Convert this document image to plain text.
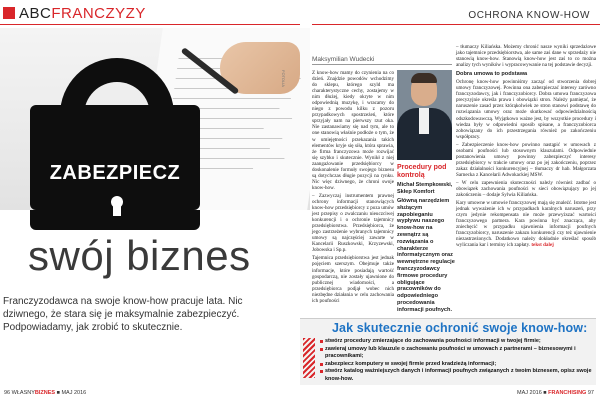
ABC FRANCZYZY	OCHRONA KNOW-HOW
ZABEZPIECZ
FOTOLIA
swój biznes
Franczyzodawca na swoje know-how pracuje lata. Nic dziwnego, że stara się je maksymalnie zabezpieczyć. Podpowiadamy, jak zrobić to skutecznie.
Maksymilian Wudecki

Z know-how mamy do czynienia na co dzień. Znajdzie powodów wchodzimy do sklepu, którego szyld ma charakterystyczne cechy, zostajemy w nim dłużej, kiedy okryte w nim odpowiednią muzykę, i wracamy do niego z powodu kilku z pozoru przypadkowych spostrzeżeń, które sprzyjały nam na pierwszy rzut oka. Nie zastanawiamy się nad tym, ale to one stanowią właśnie podłoże o tym, że w umiejętności przekazania takich elementów kryje się siła, która sprawia, że firma franczyzowa może rozwijać się szybko i skutecznie. Wynikł z niej zaangażowanie przedsiębiorcy w doskonalenie formuły swojego biznesu są dotychczas długie pozycji na rynku. Nic więc dziwnego, że chroni swoje know-how.

– Zazwyczaj instrumentem prawnej ochrony informacji stanowiących know-how przedsiębiorcy z poza umów jest przepisy o zwalczaniu nieuczciwej konkurencji i o ochronie tajemnicy przedsiębiorstwa. Przedsiębiorca, że jego zastrzeżenie wybranych tajemnicy umowy są najczęściej zawarte w Kancelarii Ruszkowski, Krzyzewski, Jobowska i Sp.p.

Tajemnica przedsiębiorstwa jest jednak pojęciem szerszym. Obejmuje także informacje, które posiadają wartość gospodarczą, nie zostały ujawnione do publicznej wiadomości, a przedsiębiorca podjął wobec nich niezbędne działania w celu zachowania ich poufności

Procedury pod kontrolą
Michał Stempkowski,
Skłep Komfort
Główną narzędziem służącym zapobieganiu wypływu naszego know-how na zewnątrz są rozwiązania o charakterze informatycznym oraz wewnętrzne regulacje franczyzodawcy firmowe procedury obligujące pracowników do odpowiedniego procedowania informacji poufnych.

– tłumaczy Kiliańska. Możemy chronić nasze wyniki sprzedażowe jako tajemnice przedsiębiorstwa, ale same zaś dane w sprzedaży nie stanowią know-how. Stanowią know-how jest zaś to co można analizy tych wyników i wypracowywanie na tej podstawie decyzji.

Dobra umowa to podstawa

Ochronę know-how powinniśmy zacząć od stworzenia dobrej umowy franczyzowej. Powinna ona zabezpieczać interesy zarówno franczyzodawcy, jak i franczyzobiorcy. Dobra umowa franczyzowa precyzyjnie określa prawa i obowiązki stron. Należy pamiętać, że naruszenie zasad przez którąkolwiek ze stron stanowi podstawę do rozwiązania umowy oraz może skutkować odpowiedzialnością odszkodowawczą. Wyjątkowo ważne jest, by wszystkie procedury i wiedza były w odpowiedni sposób spisane, a franczyzobiorca zobowiązany do ich przestrzegania również po zakończeniu współpracy.

– Zabezpieczenie know-how powinno nastąpić w umowach z osobami poufności lub stosownym klauzulami. Odpowiednie postanowienia umowy powinny zabezpieczyć interesy przedsiębiorcy w trakcie umowy oraz po jej zakończeniu, poprzez zakaz działalności konkurencyjnej – tłumaczy dr hab. Małgorzata Sarnecka z Kancelarii Adwokackiej MSW.

– W celu zapewnienia skuteczności należy również zadbać o obowiązek zachowania poufności w sieci obowiązujący po jej zakończeniu – dodaje Sylwia Kiliańska.

Kary umowne w umowie franczyzowej mają się znaleźć. Istotne jest jednak wyważenie ich w przypadkach karalnych naruszeń, przy czym jedynie rekompensata nie może przewyższać wartości franczyzowego partnera. Kara powinna być znacząca, aby zniechęcić w przypadku ujawnienia informacji poufnych franczyzobiorcy, naruszenie zakazu konkurencji czy też ujawnienie niezastrzeżonych. Dodatkowo należy dokładnie określać sposób wyliczania kar i terminy ich zapłaty. tekst dalej

Jak skutecznie ochronić swoje know-how:
stwórz procedury zmierzające do zachowania poufności informacji w twojej firmie;
zawieraj umowy lub klauzule o zachowaniu poufności w umowach z partnerami – biznesowymi i pracownikami;
zabezpiecz komputery w swojej firmie przed kradzieżą informacji;
stwórz katalog ważniejszych danych i informacji poufnych związanych z twoim biznesem, opisz swoje know-how.
96 WŁASNYBIZNES ■ MAJ 2016	MAJ 2016 ■ FRANCHISING 97
